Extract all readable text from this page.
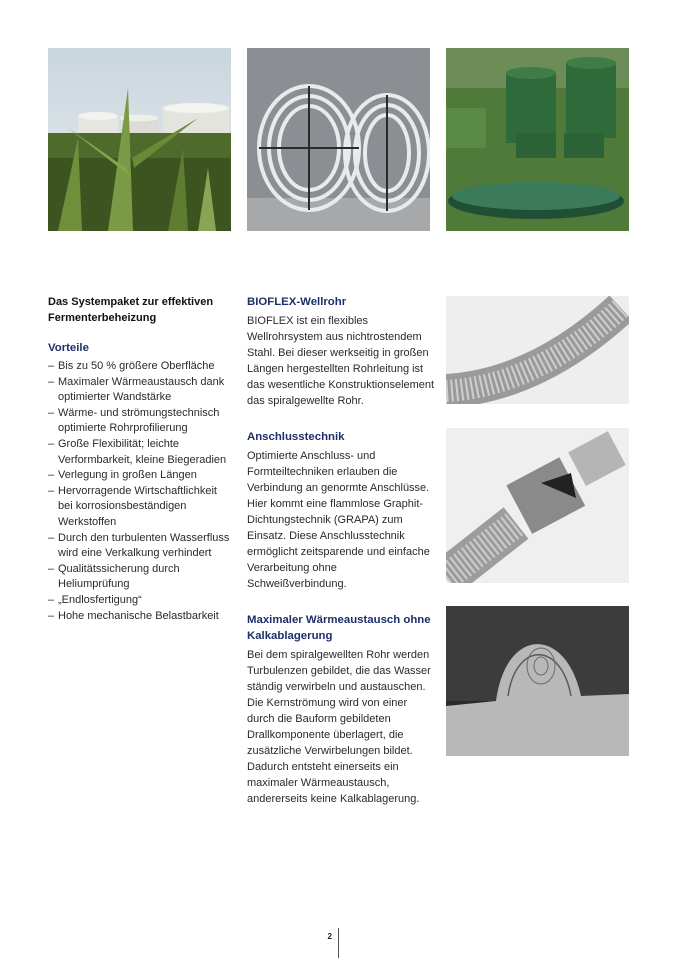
Das Systempaket zur effektiven Fermenterbeheizung

Vorteile

– Bis zu 50 % größere Oberfläche
– Maximaler Wärmeaustausch dank optimierter Wandstärke
– Wärme- und strömungstechnisch optimierte Rohrprofilierung
– Große Flexibilität; leichte Verformbarkeit, kleine Biegeradien
– Verlegung in großen Längen
– Hervorragende Wirtschaftlichkeit bei korrosionsbeständigen Werkstoffen
– Durch den turbulenten Wasserfluss wird eine Verkalkung verhindert
– Qualitätssicherung durch Heliumprüfung
– „Endlosfertigung“
– Hohe mechanische Belastbarkeit

BIOFLEX-Wellrohr

BIOFLEX ist ein flexibles Wellrohrsystem aus nichtrostendem Stahl. Bei dieser werkseitig in großen Längen hergestellten Rohrleitung ist das wesentliche Konstruktionselement das spiralgewellte Rohr.

Anschlusstechnik

Optimierte Anschluss- und Formteiltechniken erlauben die Verbindung an genormte Anschlüsse. Hier kommt eine flammlose Graphit-Dichtungstechnik (GRAPA) zum Einsatz. Diese Anschlusstechnik ermöglicht zeitsparende und einfache Verarbeitung ohne Schweißverbindung.

Maximaler Wärmeaustausch ohne Kalkablagerung

Bei dem spiralgewellten Rohr werden Turbulenzen gebildet, die das Wasser ständig verwirbeln und austauschen. Die Kernströmung wird von einer durch die Bauform gebildeten Drallkomponente überlagert, die zusätzliche Verwirbelungen bildet. Dadurch entsteht einerseits ein maximaler Wärmeaustausch, andererseits keine Kalkablagerung.

2
